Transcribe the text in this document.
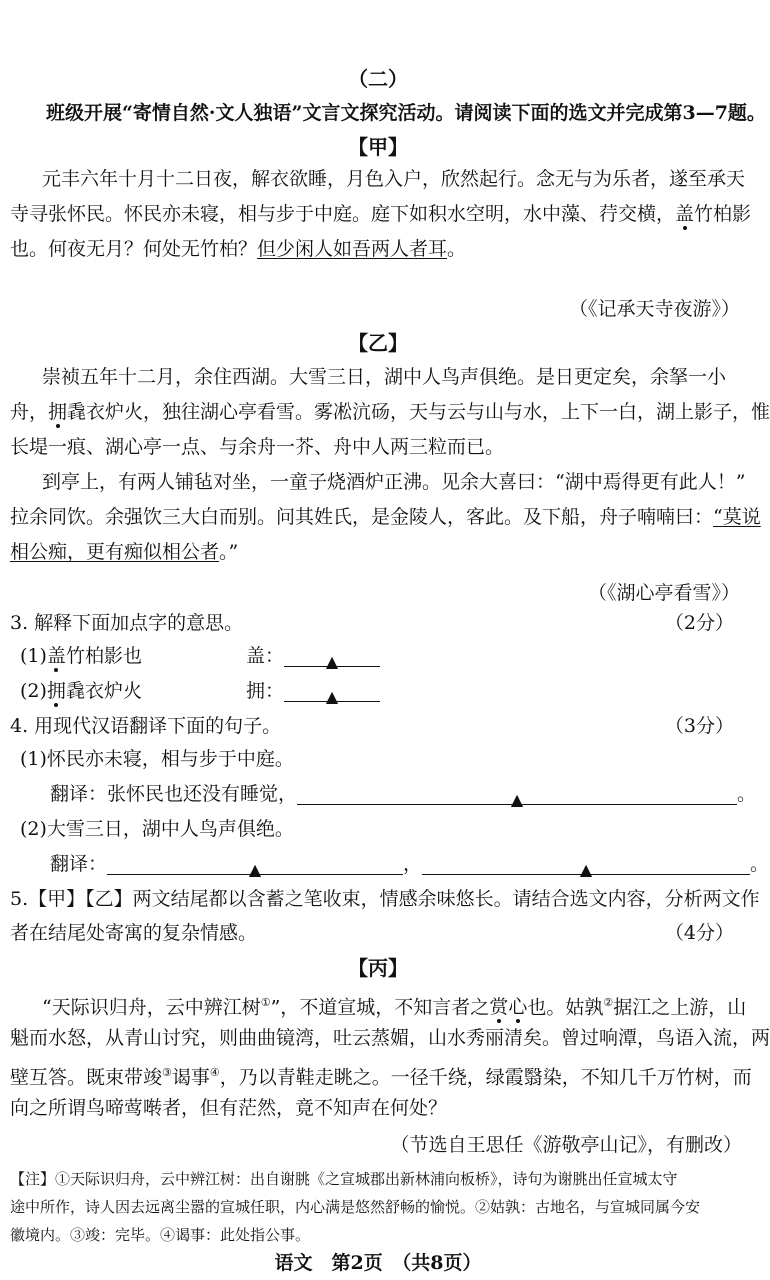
（二）
班级开展“寄情自然·文人独语”文言文探究活动。请阅读下面的选文并完成第3—7题。
【甲】
元丰六年十月十二日夜，解衣欲睡，月色入户，欣然起行。念无与为乐者，遂至承天
寺寻张怀民。怀民亦未寝，相与步于中庭。庭下如积水空明，水中藻、荇交横，盖竹柏影
也。何夜无月？何处无竹柏？但少闲人如吾两人者耳。
（《记承天寺夜游》）
【乙】
崇祯五年十二月，余住西湖。大雪三日，湖中人鸟声俱绝。是日更定矣，余拏一小
舟，拥毳衣炉火，独往湖心亭看雪。雾凇沆砀，天与云与山与水，上下一白，湖上影子，惟
长堤一痕、湖心亭一点、与余舟一芥、舟中人两三粒而已。
到亭上，有两人铺毡对坐，一童子烧酒炉正沸。见余大喜曰：“湖中焉得更有此人！”
拉余同饮。余强饮三大白而别。问其姓氏，是金陵人，客此。及下船，舟子喃喃曰：“莫说
相公痴，更有痴似相公者。”
（《湖心亭看雪》）
3. 解释下面加点字的意思。	（2分）
(1)盖竹柏影也	盖：	▲
(2)拥毳衣炉火	拥：	▲
4. 用现代汉语翻译下面的句子。	（3分）
(1)怀民亦未寝，相与步于中庭。
翻译：张怀民也还没有睡觉，	▲	。
(2)大雪三日，湖中人鸟声俱绝。
翻译：	▲	，	▲	。
5.【甲】【乙】两文结尾都以含蓄之笔收束，情感余味悠长。请结合选文内容，分析两文作
者在结尾处寄寓的复杂情感。	（4分）
【丙】
“天际识归舟，云中辨江树①”，不道宣城，不知言者之赏心也。姑孰②据江之上游，山
魁而水怒，从青山讨究，则曲曲镜湾，吐云蒸媚，山水秀丽清矣。曾过响潭，鸟语入流，两
壁互答。既束带竣③谒事④，乃以青鞋走眺之。一径千绕，绿霞翳染，不知几千万竹树，而
向之所谓鸟啼莺啭者，但有茫然，竟不知声在何处？
（节选自王思任《游敬亭山记》，有删改）
【注】①天际识归舟，云中辨江树：出自谢朓《之宣城郡出新林浦向板桥》，诗句为谢朓出任宣城太守
途中所作，诗人因去远离尘嚣的宣城任职，内心满是悠然舒畅的愉悦。②姑孰：古地名，与宣城同属今安
徽境内。③竣：完毕。④谒事：此处指公事。
语文　第2页　（共8页）
